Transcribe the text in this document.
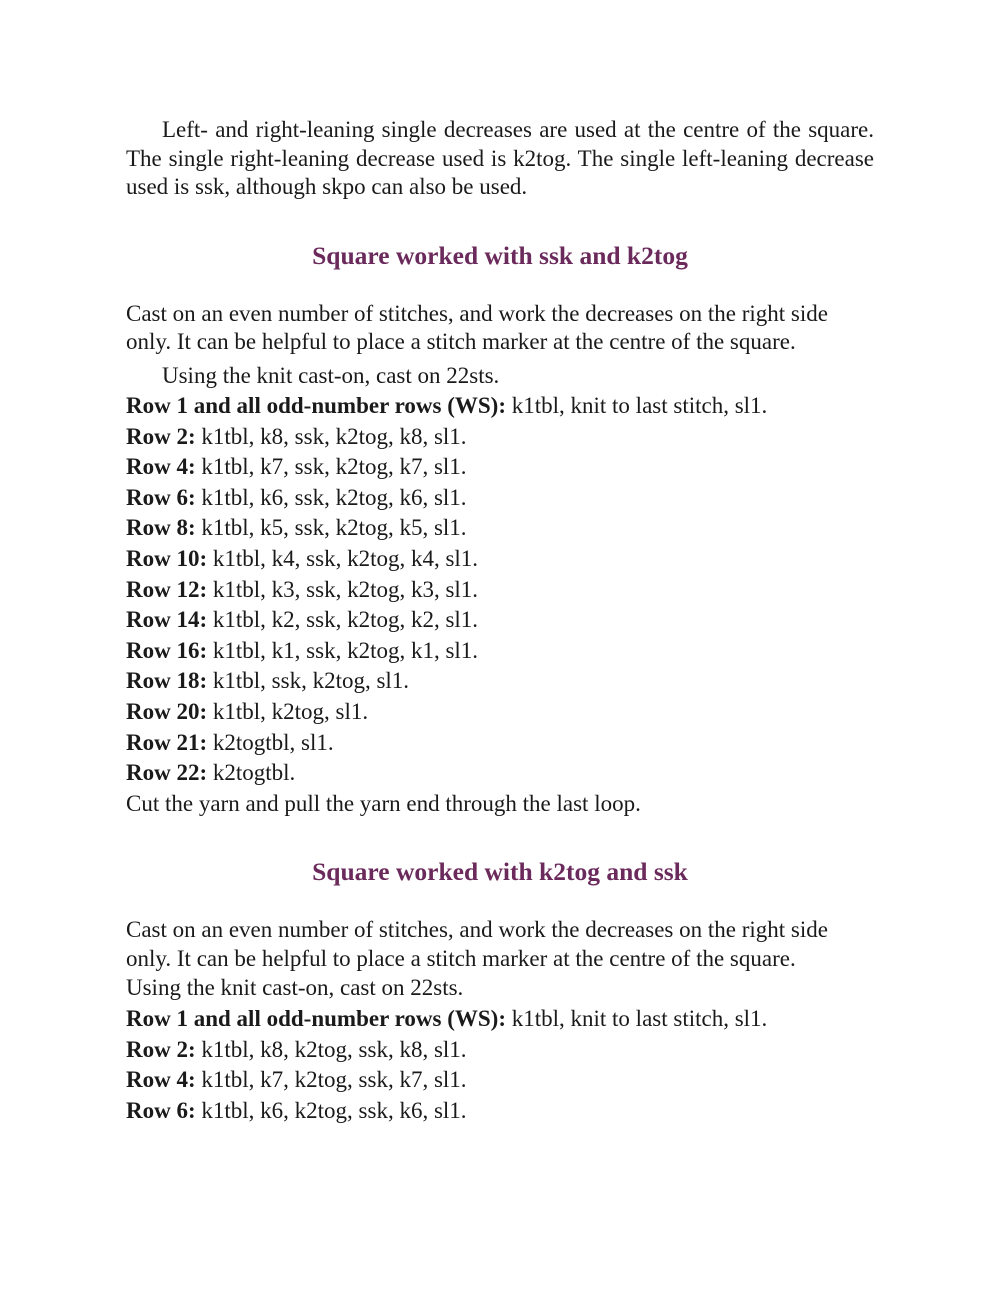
Left- and right-leaning single decreases are used at the centre of the square. The single right-leaning decrease used is k2tog. The single left-leaning decrease used is ssk, although skpo can also be used.

Square worked with ssk and k2tog

Cast on an even number of stitches, and work the decreases on the right side only. It can be helpful to place a stitch marker at the centre of the square.

Using the knit cast-on, cast on 22sts.

Row 1 and all odd-number rows (WS): k1tbl, knit to last stitch, sl1.

Row 2: k1tbl, k8, ssk, k2tog, k8, sl1.

Row 4: k1tbl, k7, ssk, k2tog, k7, sl1.

Row 6: k1tbl, k6, ssk, k2tog, k6, sl1.

Row 8: k1tbl, k5, ssk, k2tog, k5, sl1.

Row 10: k1tbl, k4, ssk, k2tog, k4, sl1.

Row 12: k1tbl, k3, ssk, k2tog, k3, sl1.

Row 14: k1tbl, k2, ssk, k2tog, k2, sl1.

Row 16: k1tbl, k1, ssk, k2tog, k1, sl1.

Row 18: k1tbl, ssk, k2tog, sl1.

Row 20: k1tbl, k2tog, sl1.

Row 21: k2togtbl, sl1.

Row 22: k2togtbl.

Cut the yarn and pull the yarn end through the last loop.

Square worked with k2tog and ssk

Cast on an even number of stitches, and work the decreases on the right side only. It can be helpful to place a stitch marker at the centre of the square.

Using the knit cast-on, cast on 22sts.

Row 1 and all odd-number rows (WS): k1tbl, knit to last stitch, sl1.

Row 2: k1tbl, k8, k2tog, ssk, k8, sl1.

Row 4: k1tbl, k7, k2tog, ssk, k7, sl1.

Row 6: k1tbl, k6, k2tog, ssk, k6, sl1.
